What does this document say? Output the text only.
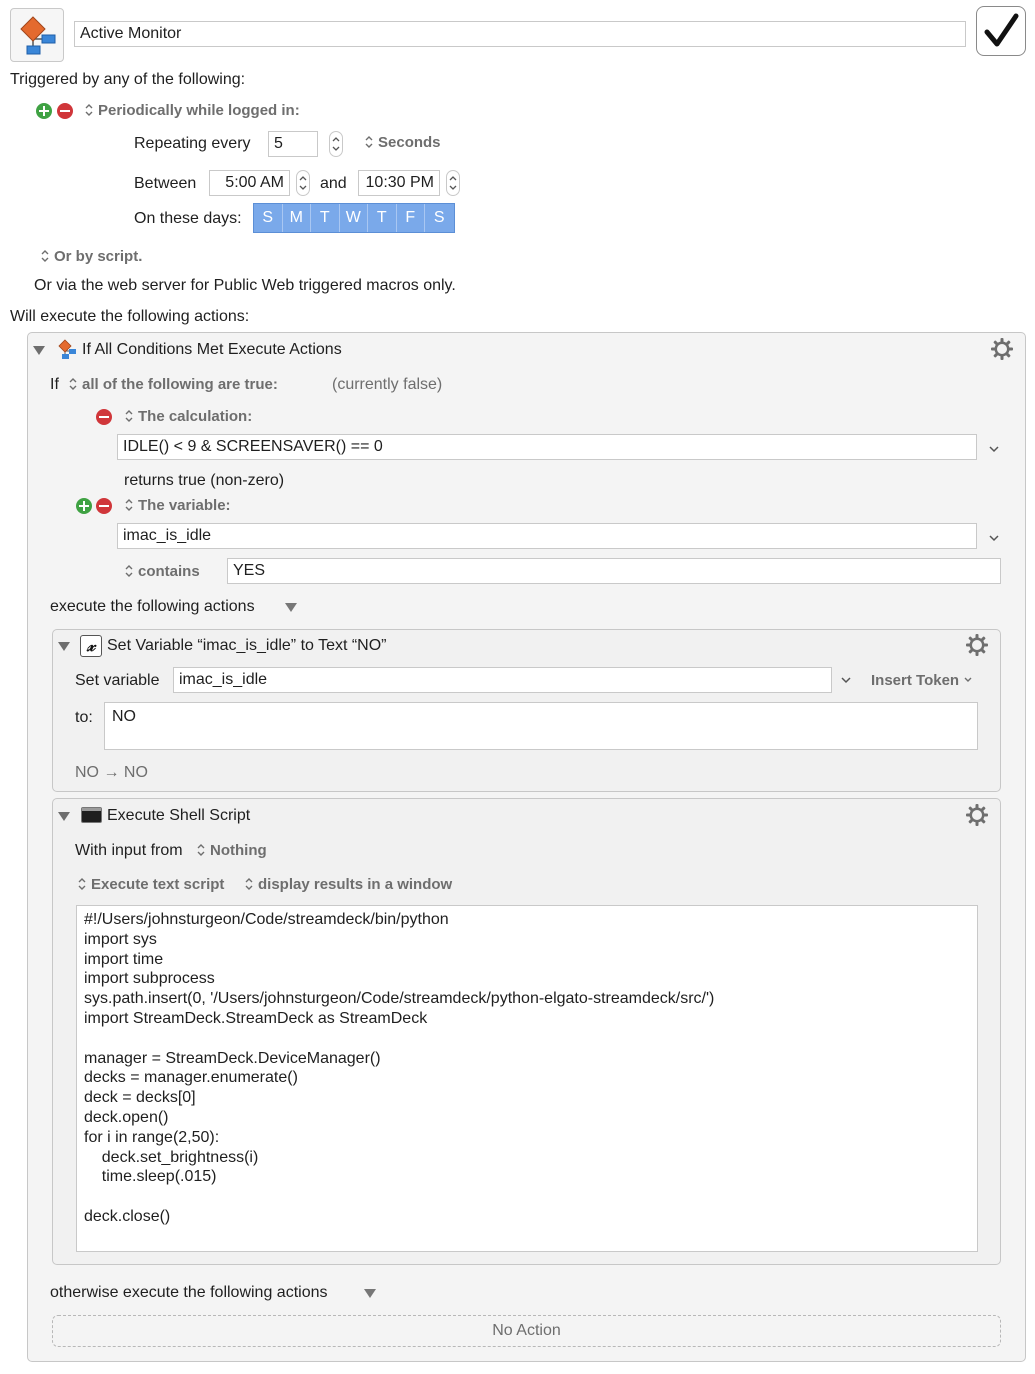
Active Monitor
Triggered by any of the following:
Periodically while logged in:
Repeating every	5	Seconds
Between	5:00 AM	and	10:30 PM
On these days:	S	M	T	W	T	F	S
Or by script.
Or via the web server for Public Web triggered macros only.
Will execute the following actions:
If All Conditions Met Execute Actions
If	all of the following are true:	(currently false)
The calculation:
IDLE() < 9 & SCREENSAVER() == 0
returns true (non-zero)
The variable:
imac_is_idle
contains	YES
execute the following actions
𝓍 Set Variable “imac_is_idle” to Text “NO”
Set variable	imac_is_idle	Insert Token
to:	NO
NO → NO
Execute Shell Script
With input from	Nothing
Execute text script	display results in a window
#!/Users/johnsturgeon/Code/streamdeck/bin/python
import sys
import time
import subprocess
sys.path.insert(0, '/Users/johnsturgeon/Code/streamdeck/python-elgato-streamdeck/src/')
import StreamDeck.StreamDeck as StreamDeck

manager = StreamDeck.DeviceManager()
decks = manager.enumerate()
deck = decks[0]
deck.open()
for i in range(2,50):
deck.set_brightness(i)
time.sleep(.015)

deck.close()
otherwise execute the following actions
No Action
